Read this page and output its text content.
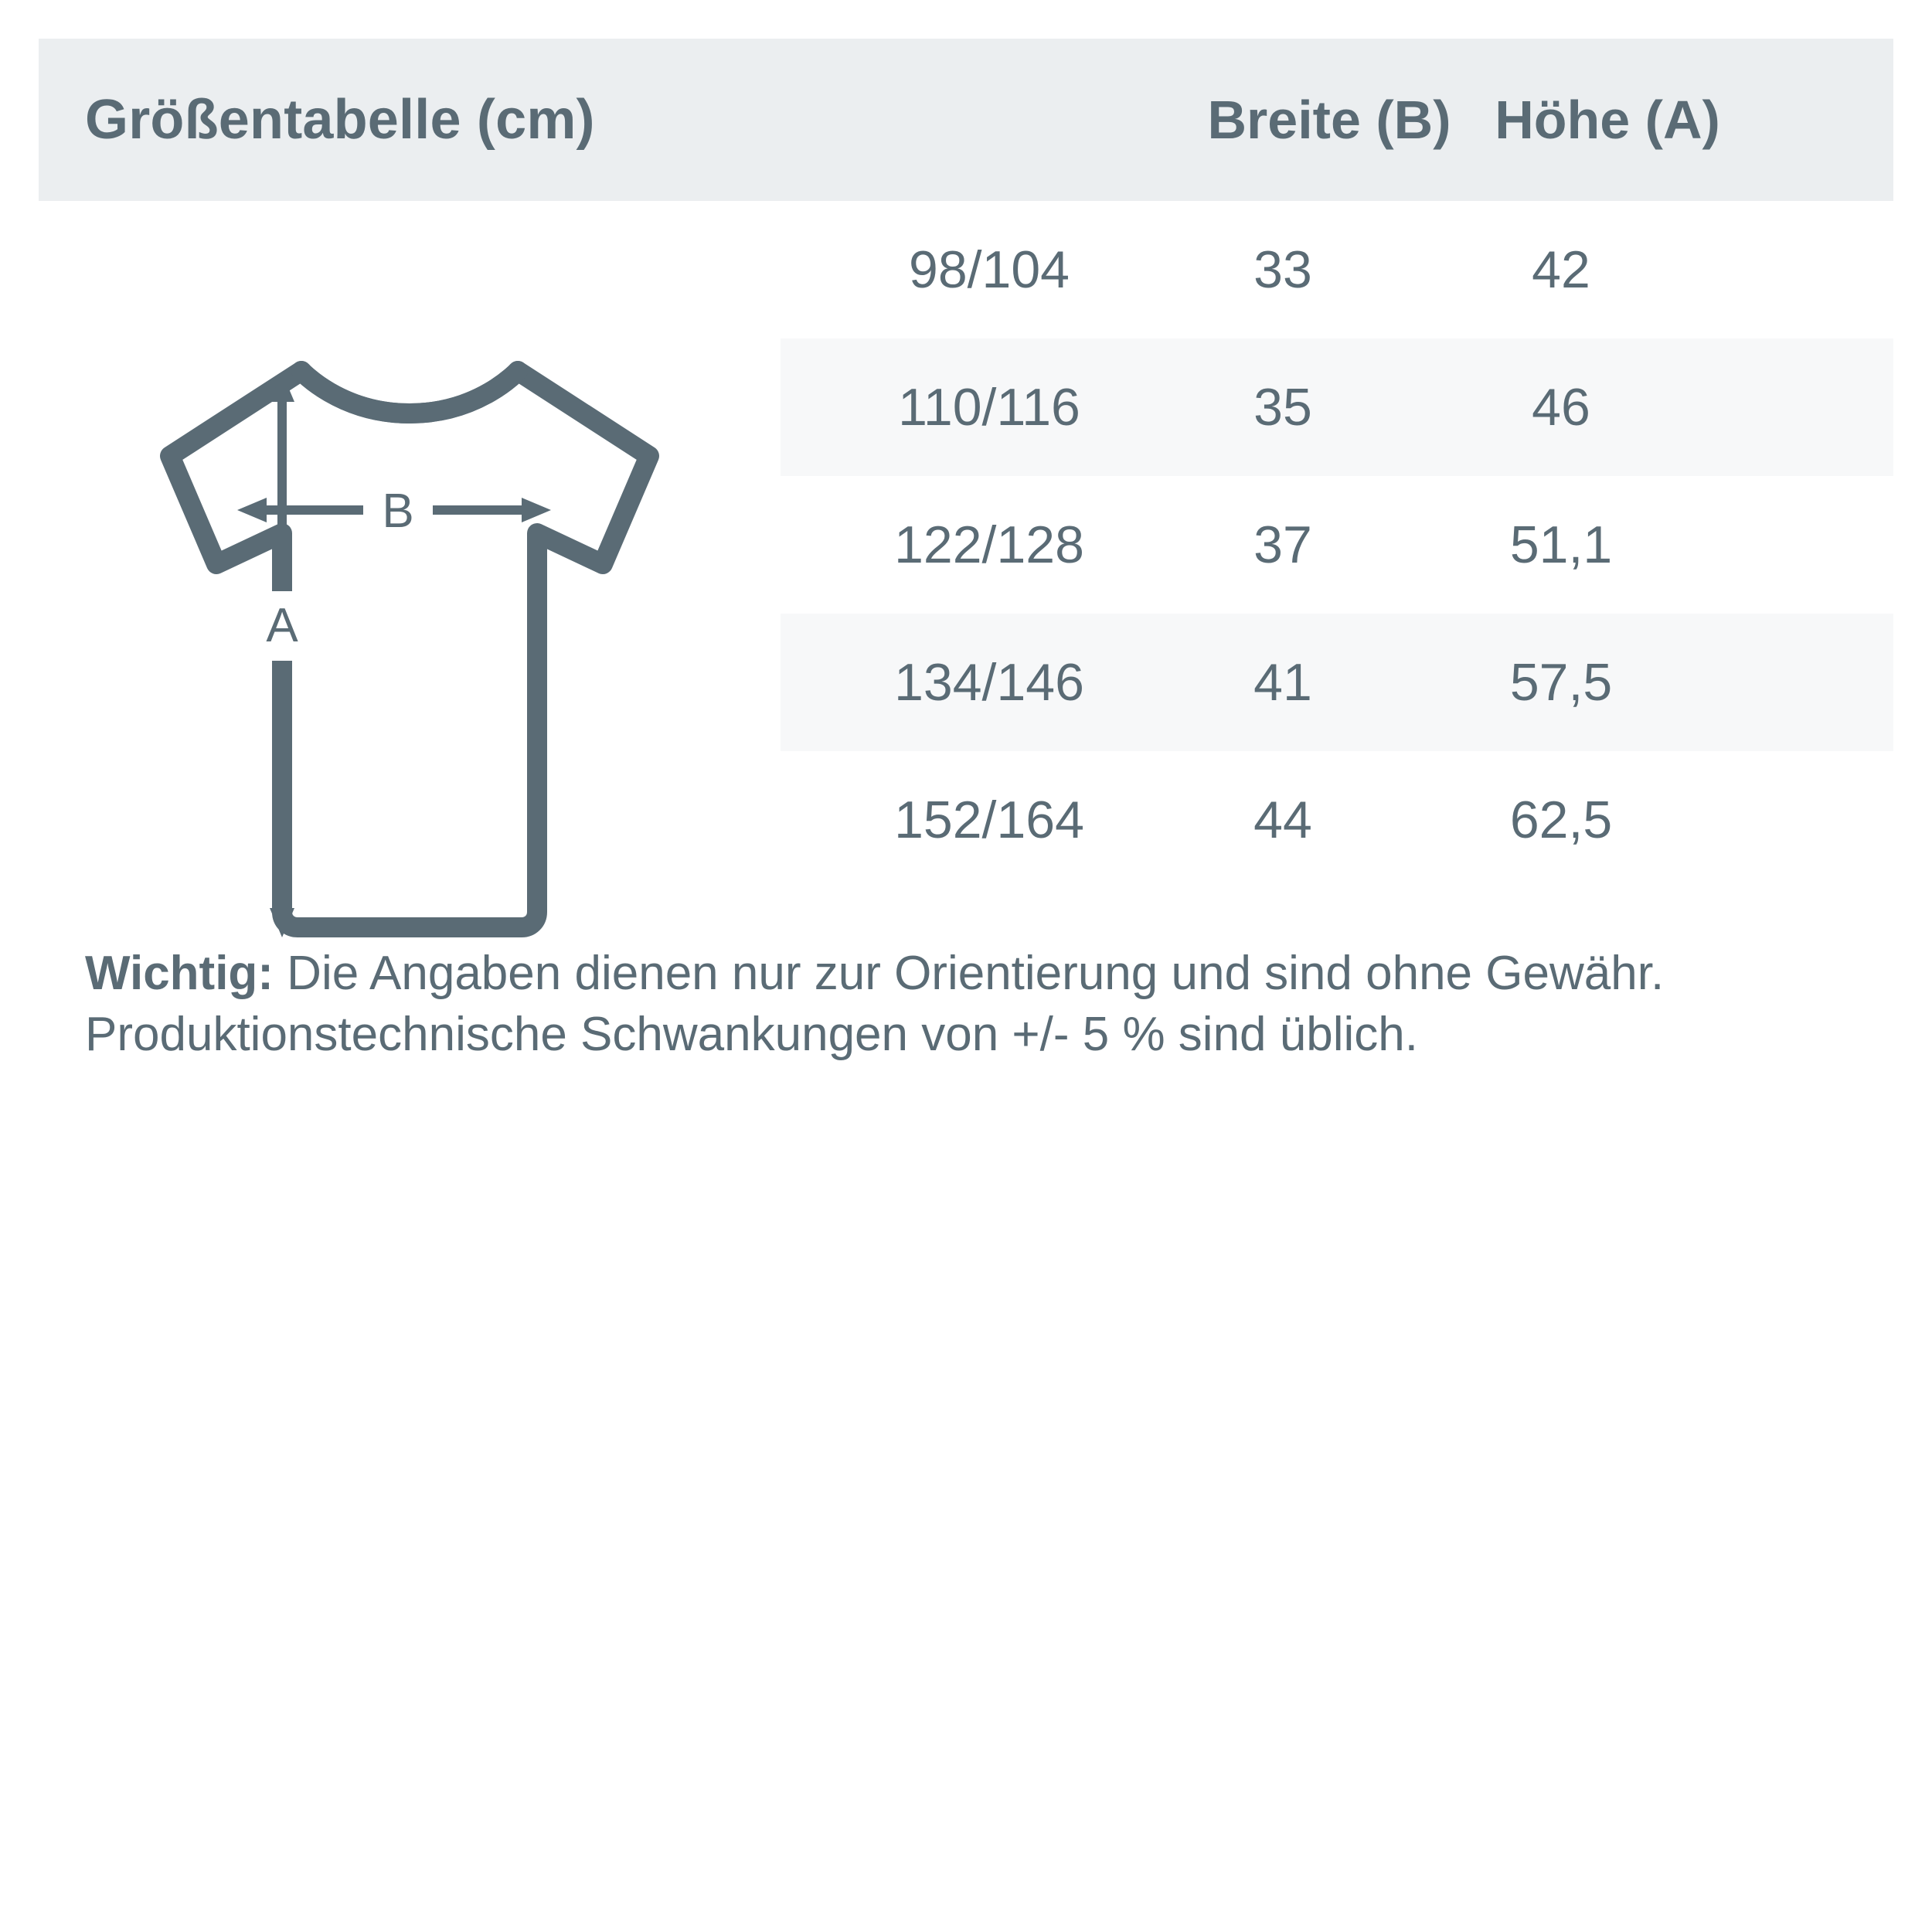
Größentabelle (cm)	Breite (B) Höhe (A)
A
B
	98/104	33	42	
	110/116	35	46	
	122/128	37	51,1	
	134/146	41	57,5	
	152/164	44	62,5	
Wichtig: Die Angaben dienen nur zur Orientierung und sind ohne Gewähr. Produktionstechnische Schwankungen von +/- 5 % sind üblich.
